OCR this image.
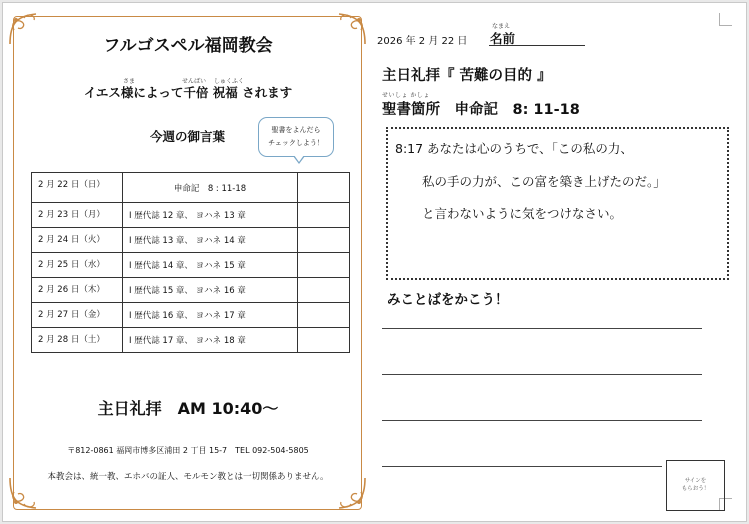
フルゴスペル福岡教会
さま	せんばい しゅくふく
イエス様によって千倍 祝福 されます
今週の御言葉	聖書をよんだら
チェックしよう！
2 月 22 日（日）	申命記　8 : 11-18	
2 月 23 日（月）	I 歴代誌 12 章、 ヨハネ 13 章	
2 月 24 日（火）	I 歴代誌 13 章、 ヨハネ 14 章	
2 月 25 日（水）	I 歴代誌 14 章、 ヨハネ 15 章	
2 月 26 日（木）	I 歴代誌 15 章、 ヨハネ 16 章	
2 月 27 日（金）	I 歴代誌 16 章、 ヨハネ 17 章	
2 月 28 日（土）	I 歴代誌 17 章、 ヨハネ 18 章	
主日礼拝　AM 10:40～
〒812-0861 福岡市博多区浦田 2 丁目 15-7　TEL 092-504-5805
本教会は、統一教、エホバの証人、モルモン教とは一切関係ありません。
2026 年 2 月 22 日
なまえ
名前
主日礼拝『 苦難の目的 』
せいしょ かしょ
聖書箇所　申命記　8: 11-18
8:17 あなたは心のうちで、「この私の力、
私の手の力が、この富を築き上げたのだ。」
と言わないように気をつけなさい。
みことばをかこう！
サインを
もらおう！
